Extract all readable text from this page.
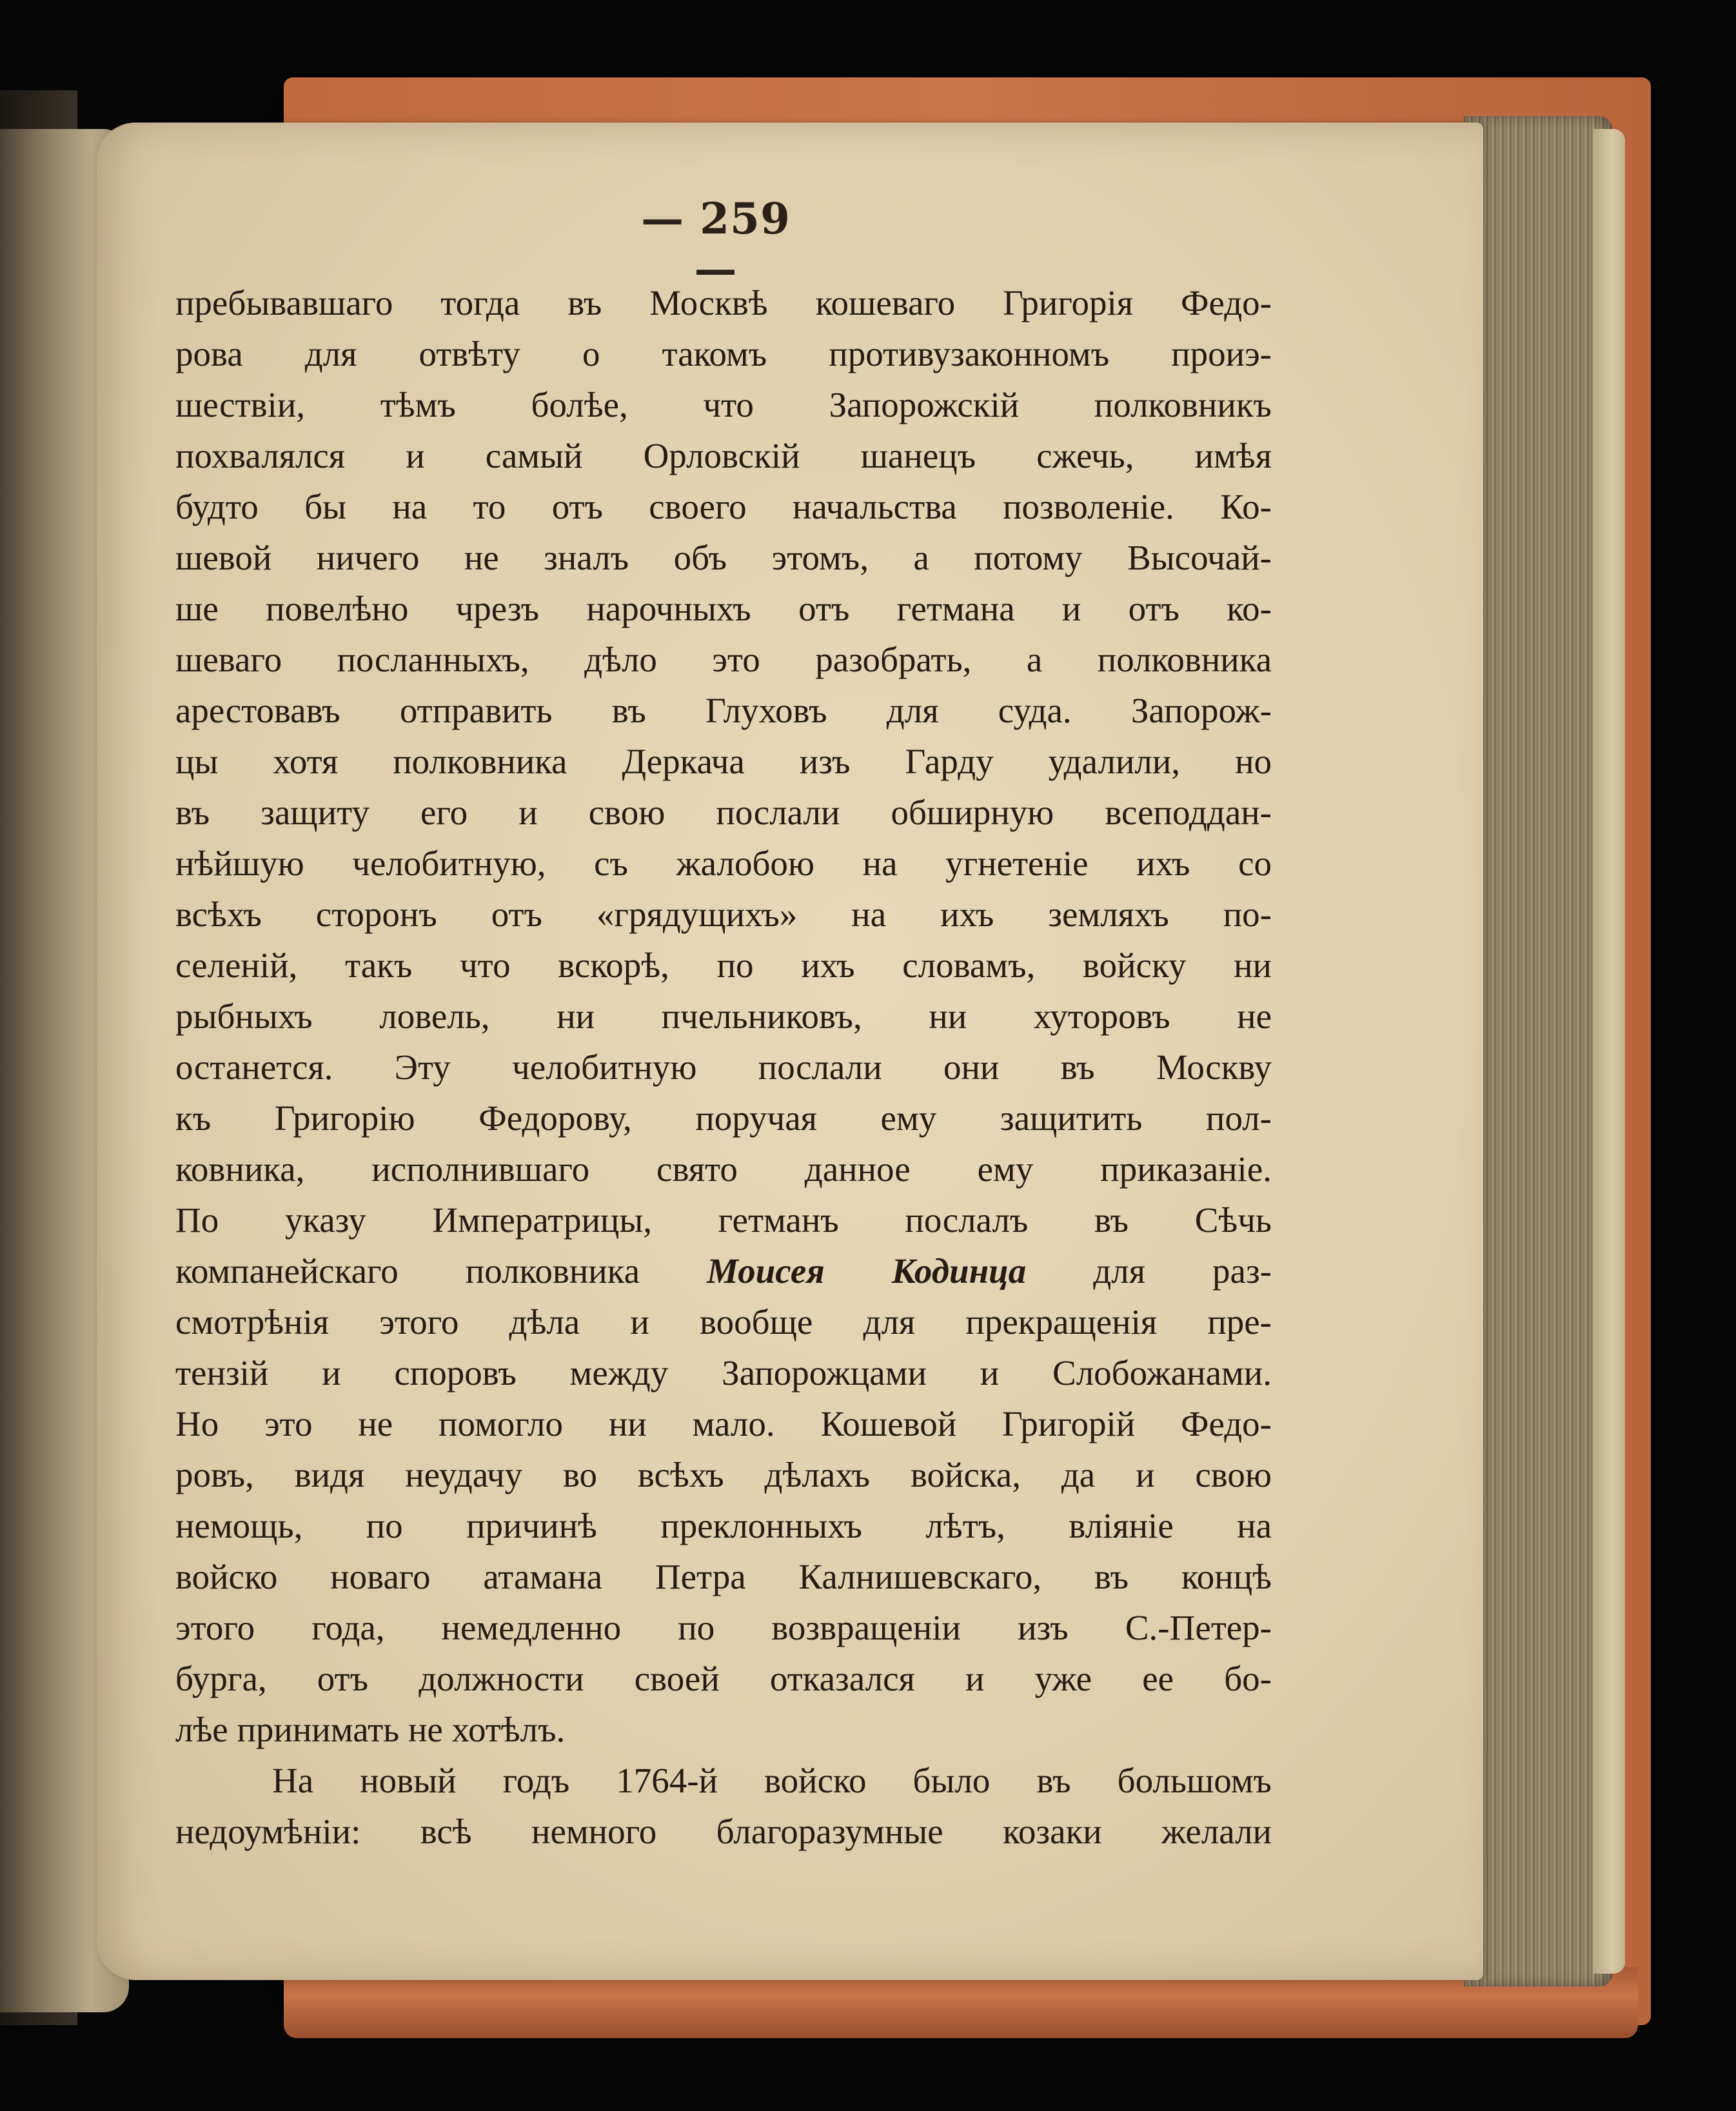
— 259 —
пребывавшаго тогда въ Москвѣ кошеваго Григорія Федо-
рова для отвѣту о такомъ противузаконномъ проиэ-
шествіи, тѣмъ болѣе, что Запорожскій полковникъ
похвалялся и самый Орловскій шанецъ сжечь, имѣя
будто бы на то отъ своего начальства позволеніе. Ко-
шевой ничего не зналъ объ этомъ, а потому Высочай-
ше повелѣно чрезъ нарочныхъ отъ гетмана и отъ ко-
шеваго посланныхъ, дѣло это разобрать, а полковника
арестовавъ отправить въ Глуховъ для суда. Запорож-
цы хотя полковника Деркача изъ Гарду удалили, но
въ защиту его и свою послали обширную всеподдан-
нѣйшую челобитную, съ жалобою на угнетеніе ихъ со
всѣхъ сторонъ отъ «грядущихъ» на ихъ земляхъ по-
селеній, такъ что вскорѣ, по ихъ словамъ, войску ни
рыбныхъ ловель, ни пчельниковъ, ни хуторовъ не
останется. Эту челобитную послали они въ Москву
къ Григорію Федорову, поручая ему защитить пол-
ковника, исполнившаго свято данное ему приказаніе.
По указу Императрицы, гетманъ послалъ въ Сѣчь
компанейскаго полковника Моисея Кодинца для раз-
смотрѣнія этого дѣла и вообще для прекращенія пре-
тензій и споровъ между Запорожцами и Слобожанами.
Но это не помогло ни мало. Кошевой Григорій Федо-
ровъ, видя неудачу во всѣхъ дѣлахъ войска, да и свою
немощь, по причинѣ преклонныхъ лѣтъ, вліяніе на
войско новаго атамана Петра Калнишевскаго, въ концѣ
этого года, немедленно по возвращеніи изъ С.-Петер-
бурга, отъ должности своей отказался и уже ее бо-
лѣе принимать не хотѣлъ.
На новый годъ 1764-й войско было въ большомъ
недоумѣніи: всѣ немного благоразумные козаки желали
